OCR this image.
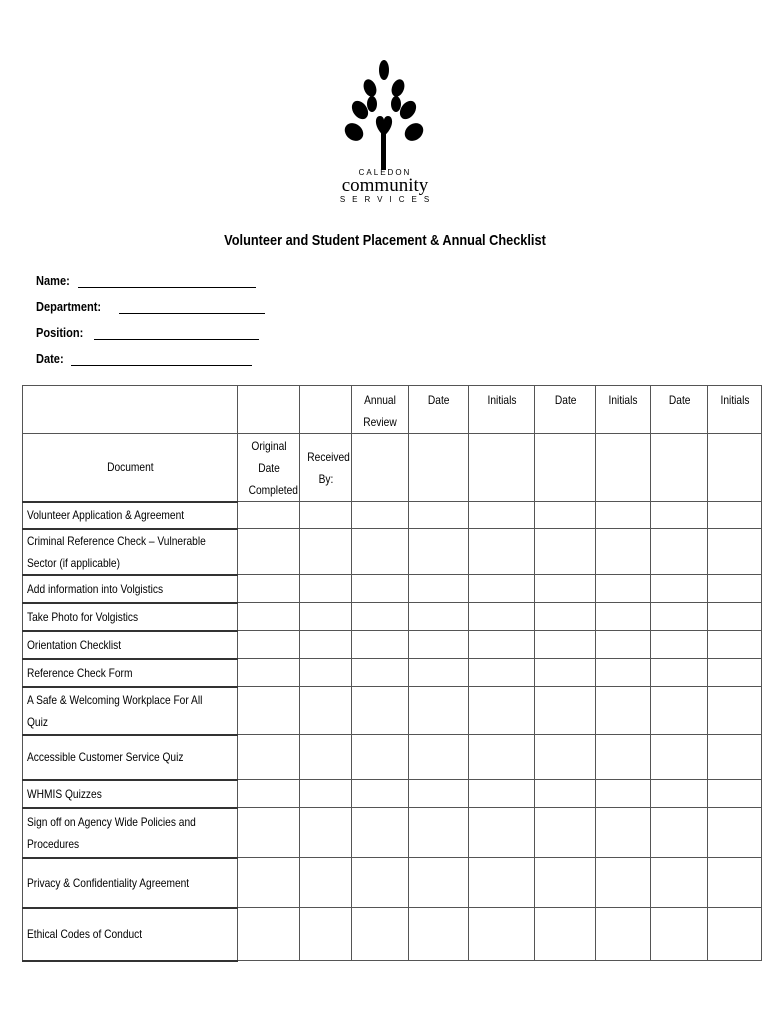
CALEDON
community
SERVICES
Volunteer and Student Placement & Annual Checklist
Name:
Department:
Position:
Date:
			Annual Review	Date	Initials	Date	Initials	Date	Initials
Document	Original Date Completed	Received By:							
Volunteer Application & Agreement									
Criminal Reference Check – Vulnerable
Sector (if applicable)									
Add information into Volgistics									
Take Photo for Volgistics									
Orientation Checklist									
Reference Check Form									
A Safe & Welcoming Workplace For All
Quiz									
Accessible Customer Service Quiz									
WHMIS Quizzes									
Sign off on Agency Wide Policies and
Procedures									
Privacy & Confidentiality Agreement									
Ethical Codes of Conduct									
